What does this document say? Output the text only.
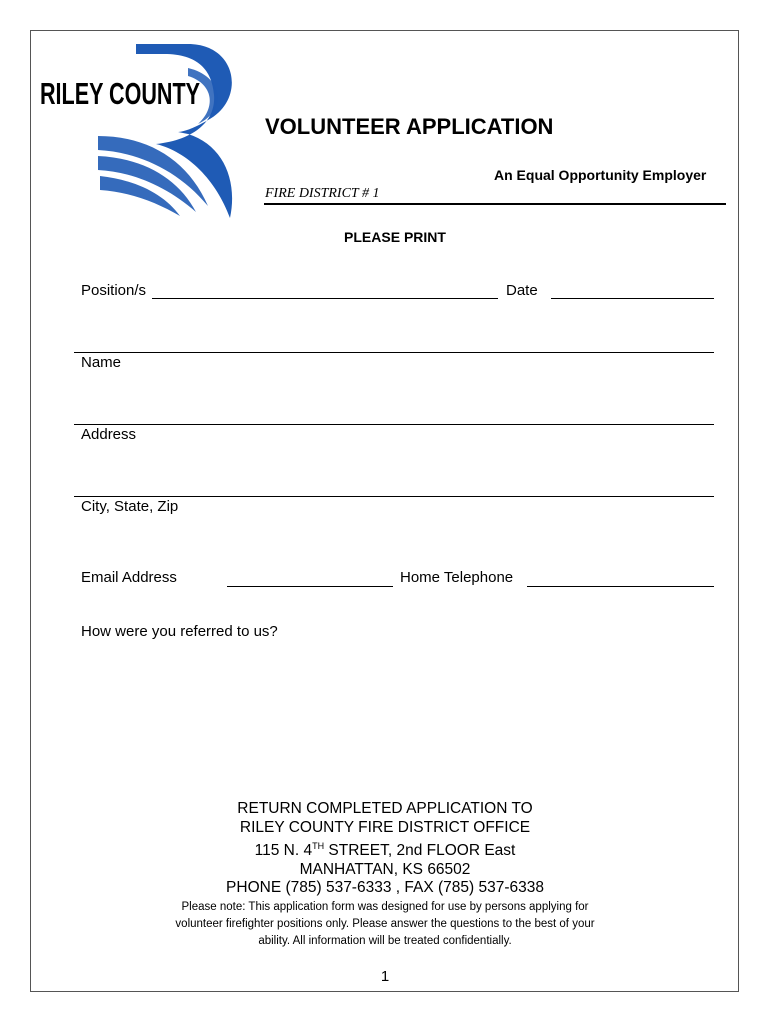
RILEY COUNTY
VOLUNTEER APPLICATION
An Equal Opportunity Employer
FIRE DISTRICT # 1
PLEASE PRINT
Position/s	Date
Name
Address
City, State, Zip
Email Address	Home Telephone
How were you referred to us?
RETURN COMPLETED APPLICATION TO
RILEY COUNTY FIRE DISTRICT OFFICE
115 N. 4TH STREET, 2nd FLOOR East
MANHATTAN, KS 66502
PHONE (785) 537-6333 , FAX (785) 537-6338
Please note: This application form was designed for use by persons applying for
volunteer firefighter positions only. Please answer the questions to the best of your
ability. All information will be treated confidentially.
1
